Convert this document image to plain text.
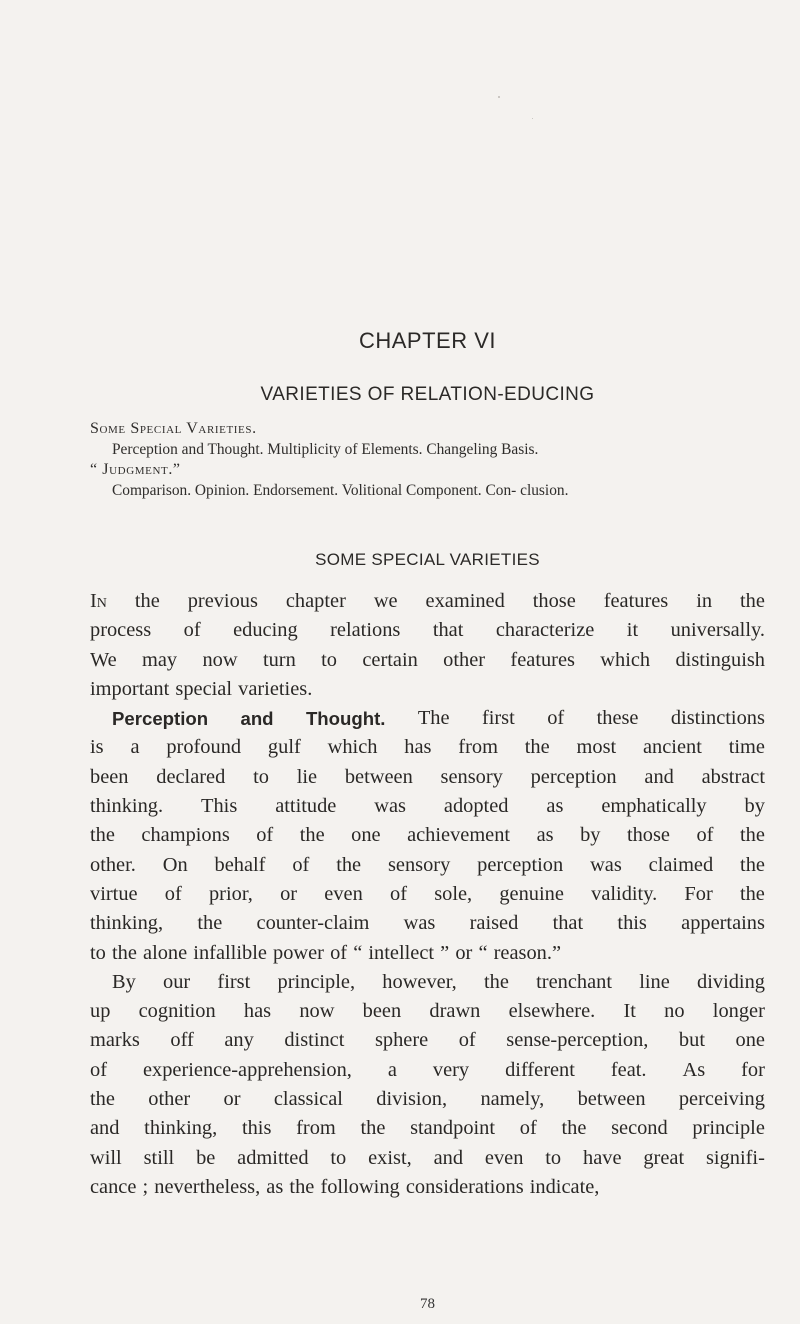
CHAPTER VI
VARIETIES OF RELATION-EDUCING
Some Special Varieties.
Perception and Thought. Multiplicity of Elements. Changeling Basis.
“ Judgment.”
Comparison. Opinion. Endorsement. Volitional Component. Con- clusion.
SOME SPECIAL VARIETIES
In the previous chapter we examined those features in the
process of educing relations that characterize it universally.
We may now turn to certain other features which distinguish
important special varieties.
Perception and Thought. The first of these distinctions
is a profound gulf which has from the most ancient time
been declared to lie between sensory perception and abstract
thinking. This attitude was adopted as emphatically by
the champions of the one achievement as by those of the
other. On behalf of the sensory perception was claimed the
virtue of prior, or even of sole, genuine validity. For the
thinking, the counter-claim was raised that this appertains
to the alone infallible power of “ intellect ” or “ reason.”
By our first principle, however, the trenchant line dividing
up cognition has now been drawn elsewhere. It no longer
marks off any distinct sphere of sense-perception, but one
of experience-apprehension, a very different feat. As for
the other or classical division, namely, between perceiving
and thinking, this from the standpoint of the second principle
will still be admitted to exist, and even to have great signifi-
cance ; nevertheless, as the following considerations indicate,
78
